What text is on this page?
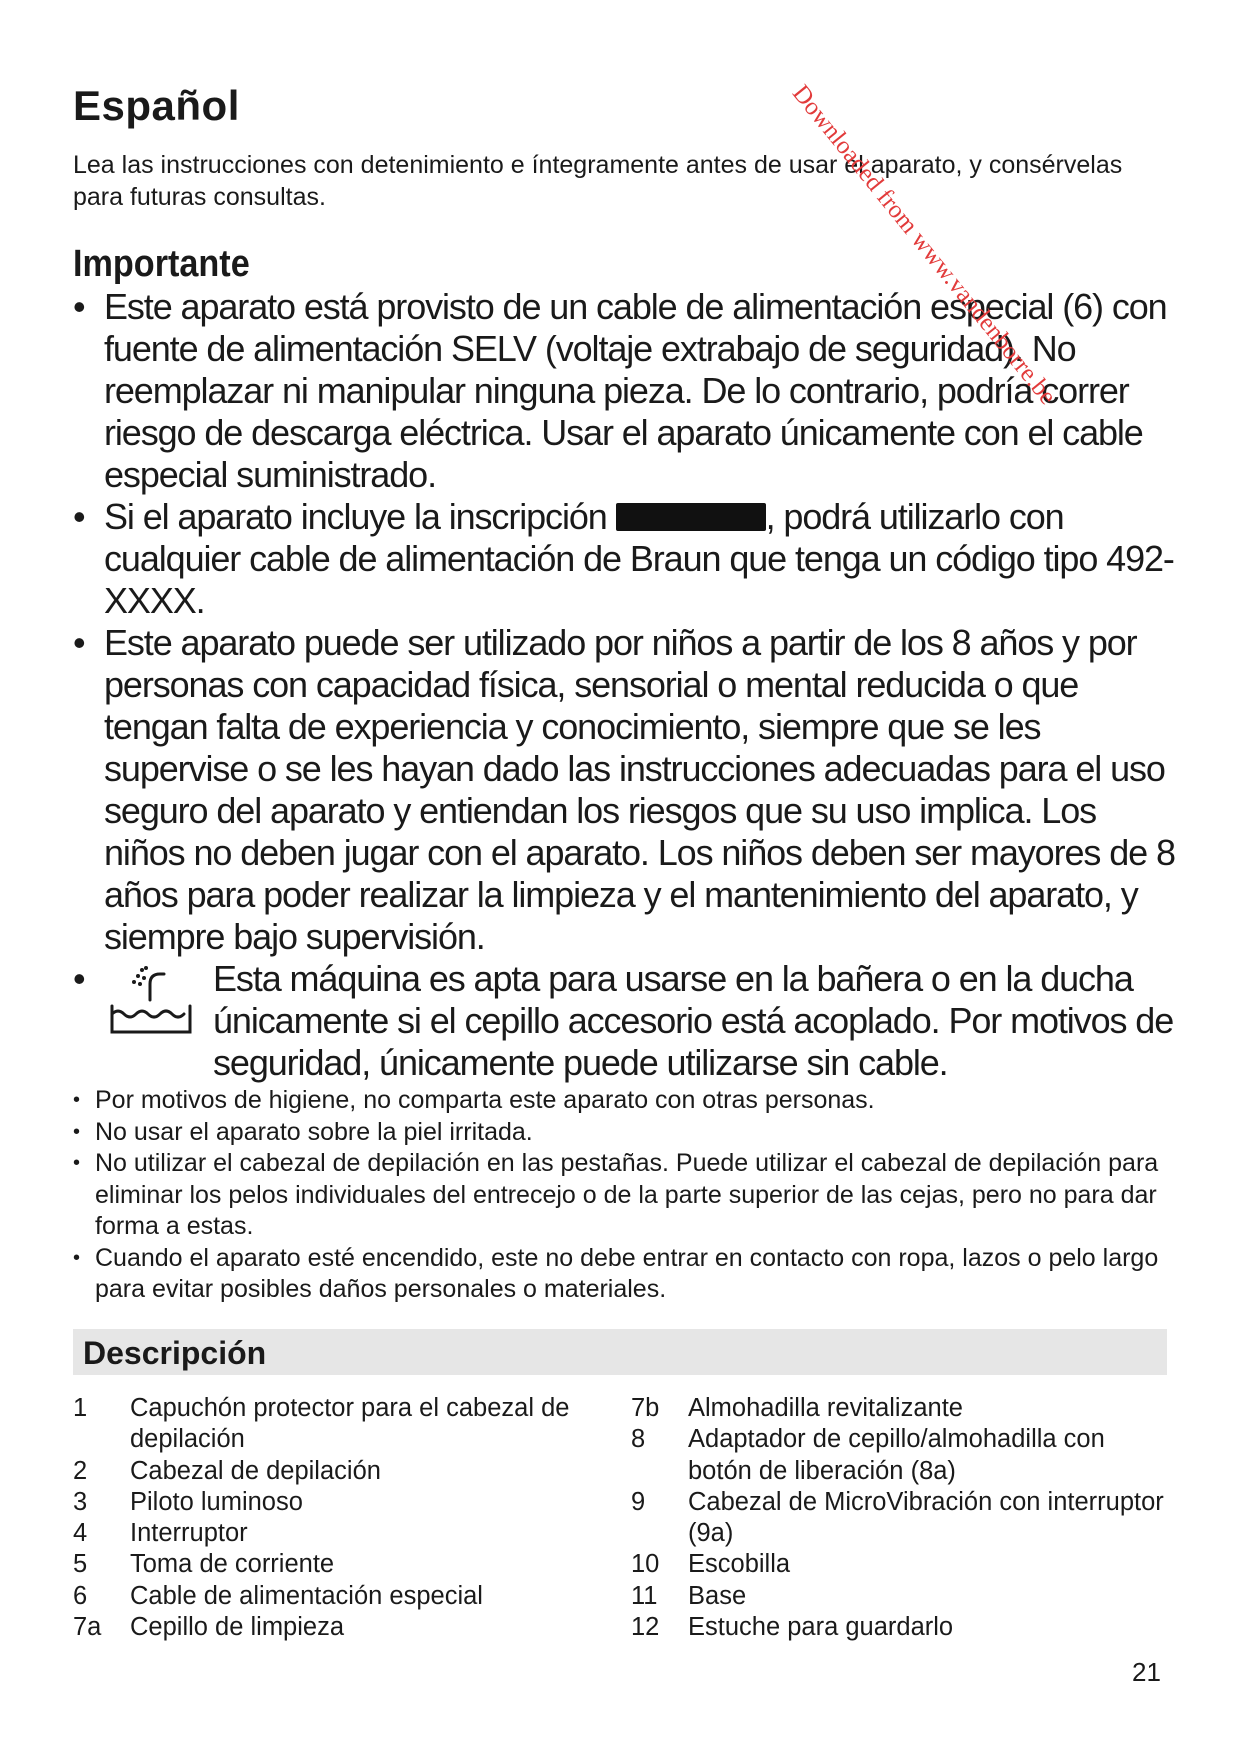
Español

Lea las instrucciones con detenimiento e íntegramente antes de usar el aparato, y consérvelas para futuras consultas.

Importante
• Este aparato está provisto de un cable de alimentación especial (6) con fuente de alimentación SELV (voltaje extrabajo de seguridad). No reemplazar ni manipular ninguna pieza. De lo contrario, podría correr riesgo de descarga eléctrica. Usar el aparato únicamente con el cable especial suministrado.
• Si el aparato incluye la inscripción	, podrá utilizarlo con cualquier cable de alimentación de Braun que tenga un código tipo 492-XXXX.
• Este aparato puede ser utilizado por niños a partir de los 8 años y por personas con capacidad física, sensorial o mental reducida o que tengan falta de experiencia y conocimiento, siempre que se les supervise o se les hayan dado las instrucciones adecuadas para el uso seguro del aparato y entiendan los riesgos que su uso implica. Los niños no deben jugar con el aparato. Los niños deben ser mayores de 8 años para poder realizar la limpieza y el mantenimiento del aparato, y siempre bajo supervisión.
•	Esta máquina es apta para usarse en la bañera o en la ducha únicamente si el cepillo accesorio está acoplado. Por motivos de seguridad, únicamente puede utilizarse sin cable.
• Por motivos de higiene, no comparta este aparato con otras personas.
• No usar el aparato sobre la piel irritada.
• No utilizar el cabezal de depilación en las pestañas. Puede utilizar el cabezal de depilación para eliminar los pelos individuales del entrecejo o de la parte superior de las cejas, pero no para dar forma a estas.
• Cuando el aparato esté encendido, este no debe entrar en contacto con ropa, lazos o pelo largo para evitar posibles daños personales o materiales.
Descripción
1 Capuchón protector para el cabezal de depilación
2 Cabezal de depilación
3 Piloto luminoso
4 Interruptor
5 Toma de corriente
6 Cable de alimentación especial
7a Cepillo de limpieza
7b Almohadilla revitalizante
8 Adaptador de cepillo/almohadilla con botón de liberación (8a)
9 Cabezal de MicroVibración con interruptor (9a)
10 Escobilla
11 Base
12 Estuche para guardarlo

21

Downloaded from www.vandenborre.be
